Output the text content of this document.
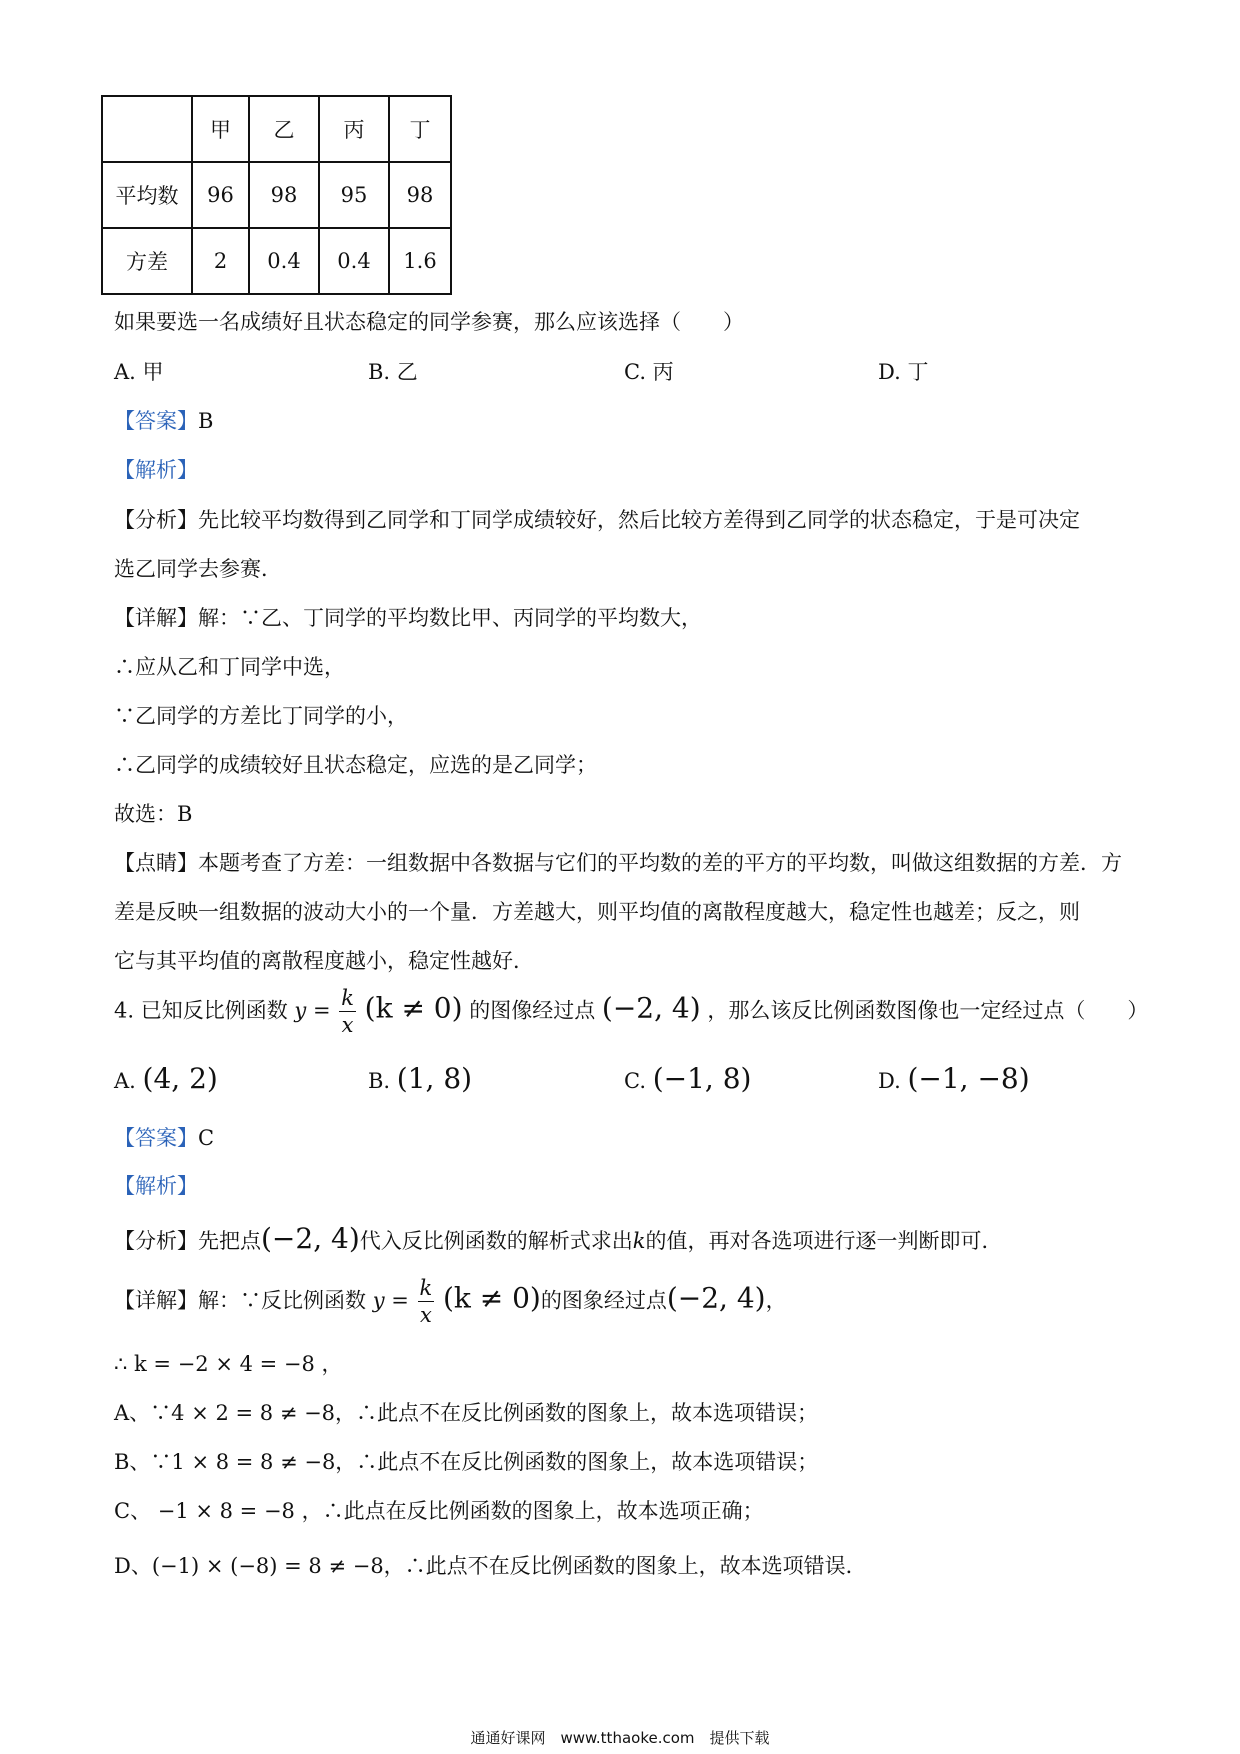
	甲	乙	丙	丁
平均数	96	98	95	98
方差	2	0.4	0.4	1.6
如果要选一名成绩好且状态稳定的同学参赛，那么应该选择（　　）
A. 甲	B. 乙	C. 丙	D. 丁
【答案】B
【解析】
【分析】先比较平均数得到乙同学和丁同学成绩较好，然后比较方差得到乙同学的状态稳定，于是可决定
选乙同学去参赛．
【详解】解：∵乙、丁同学的平均数比甲、丙同学的平均数大，
∴应从乙和丁同学中选，
∵乙同学的方差比丁同学的小，
∴乙同学的成绩较好且状态稳定，应选的是乙同学；
故选：B
【点睛】本题考查了方差：一组数据中各数据与它们的平均数的差的平方的平均数，叫做这组数据的方差．方
差是反映一组数据的波动大小的一个量．方差越大，则平均值的离散程度越大，稳定性也越差；反之，则
它与其平均值的离散程度越小，稳定性越好．
4. 已知反比例函数 $y = \frac{k}{x} (k \ne 0)$ 的图像经过点 (−2, 4) ，那么该反比例函数图像也一定经过点（　　）
A. (4, 2)	B. (1, 8)	C. (−1, 8)	D. (−1, −8)
【答案】C
【解析】
【分析】先把点(−2, 4)代入反比例函数的解析式求出k的值，再对各选项进行逐一判断即可．
【详解】解：∵反比例函数 $y = \frac{k}{x} (k \ne 0)$的图象经过点(−2, 4)，
∴ k = −2 × 4 = −8 ，
A、∵4 × 2 = 8 ≠ −8，∴此点不在反比例函数的图象上，故本选项错误；
B、∵1 × 8 = 8 ≠ −8，∴此点不在反比例函数的图象上，故本选项错误；
C、 −1 × 8 = −8 ，∴此点在反比例函数的图象上，故本选项正确；
D、(−1) × (−8) = 8 ≠ −8，∴此点不在反比例函数的图象上，故本选项错误．
通通好课网　www.tthaoke.com　提供下载
